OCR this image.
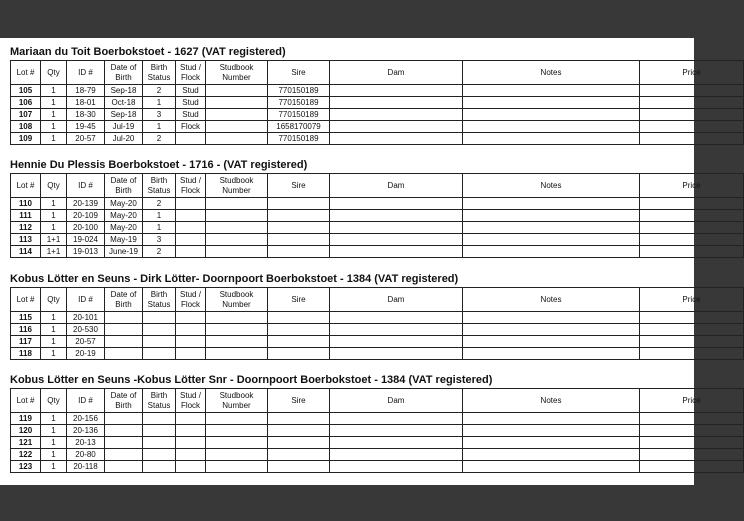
Mariaan du Toit Boerbokstoet - 1627 (VAT registered)
Lot #	Qty	ID #	Date of Birth	Birth Status	Stud / Flock	Studbook Number	Sire	Dam	Notes	Price
105	1	18-79	Sep-18	2	Stud		770150189			
106	1	18-01	Oct-18	1	Stud		770150189			
107	1	18-30	Sep-18	3	Stud		770150189			
108	1	19-45	Jul-19	1	Flock		1658170079			
109	1	20-57	Jul-20	2			770150189			
Hennie Du Plessis Boerbokstoet - 1716 - (VAT registered)
Lot #	Qty	ID #	Date of Birth	Birth Status	Stud / Flock	Studbook Number	Sire	Dam	Notes	Price
110	1	20-139	May-20	2						
111	1	20-109	May-20	1						
112	1	20-100	May-20	1						
113	1+1	19-024	May-19	3						
114	1+1	19-013	June-19	2						
Kobus Lötter en Seuns - Dirk Lötter- Doornpoort Boerbokstoet - 1384 (VAT registered)
Lot #	Qty	ID #	Date of Birth	Birth Status	Stud / Flock	Studbook Number	Sire	Dam	Notes	Price
115	1	20-101								
116	1	20-530								
117	1	20-57								
118	1	20-19								
Kobus Lötter en Seuns -Kobus Lötter Snr - Doornpoort Boerbokstoet - 1384 (VAT registered)
Lot #	Qty	ID #	Date of Birth	Birth Status	Stud / Flock	Studbook Number	Sire	Dam	Notes	Price
119	1	20-156								
120	1	20-136								
121	1	20-13								
122	1	20-80								
123	1	20-118								
